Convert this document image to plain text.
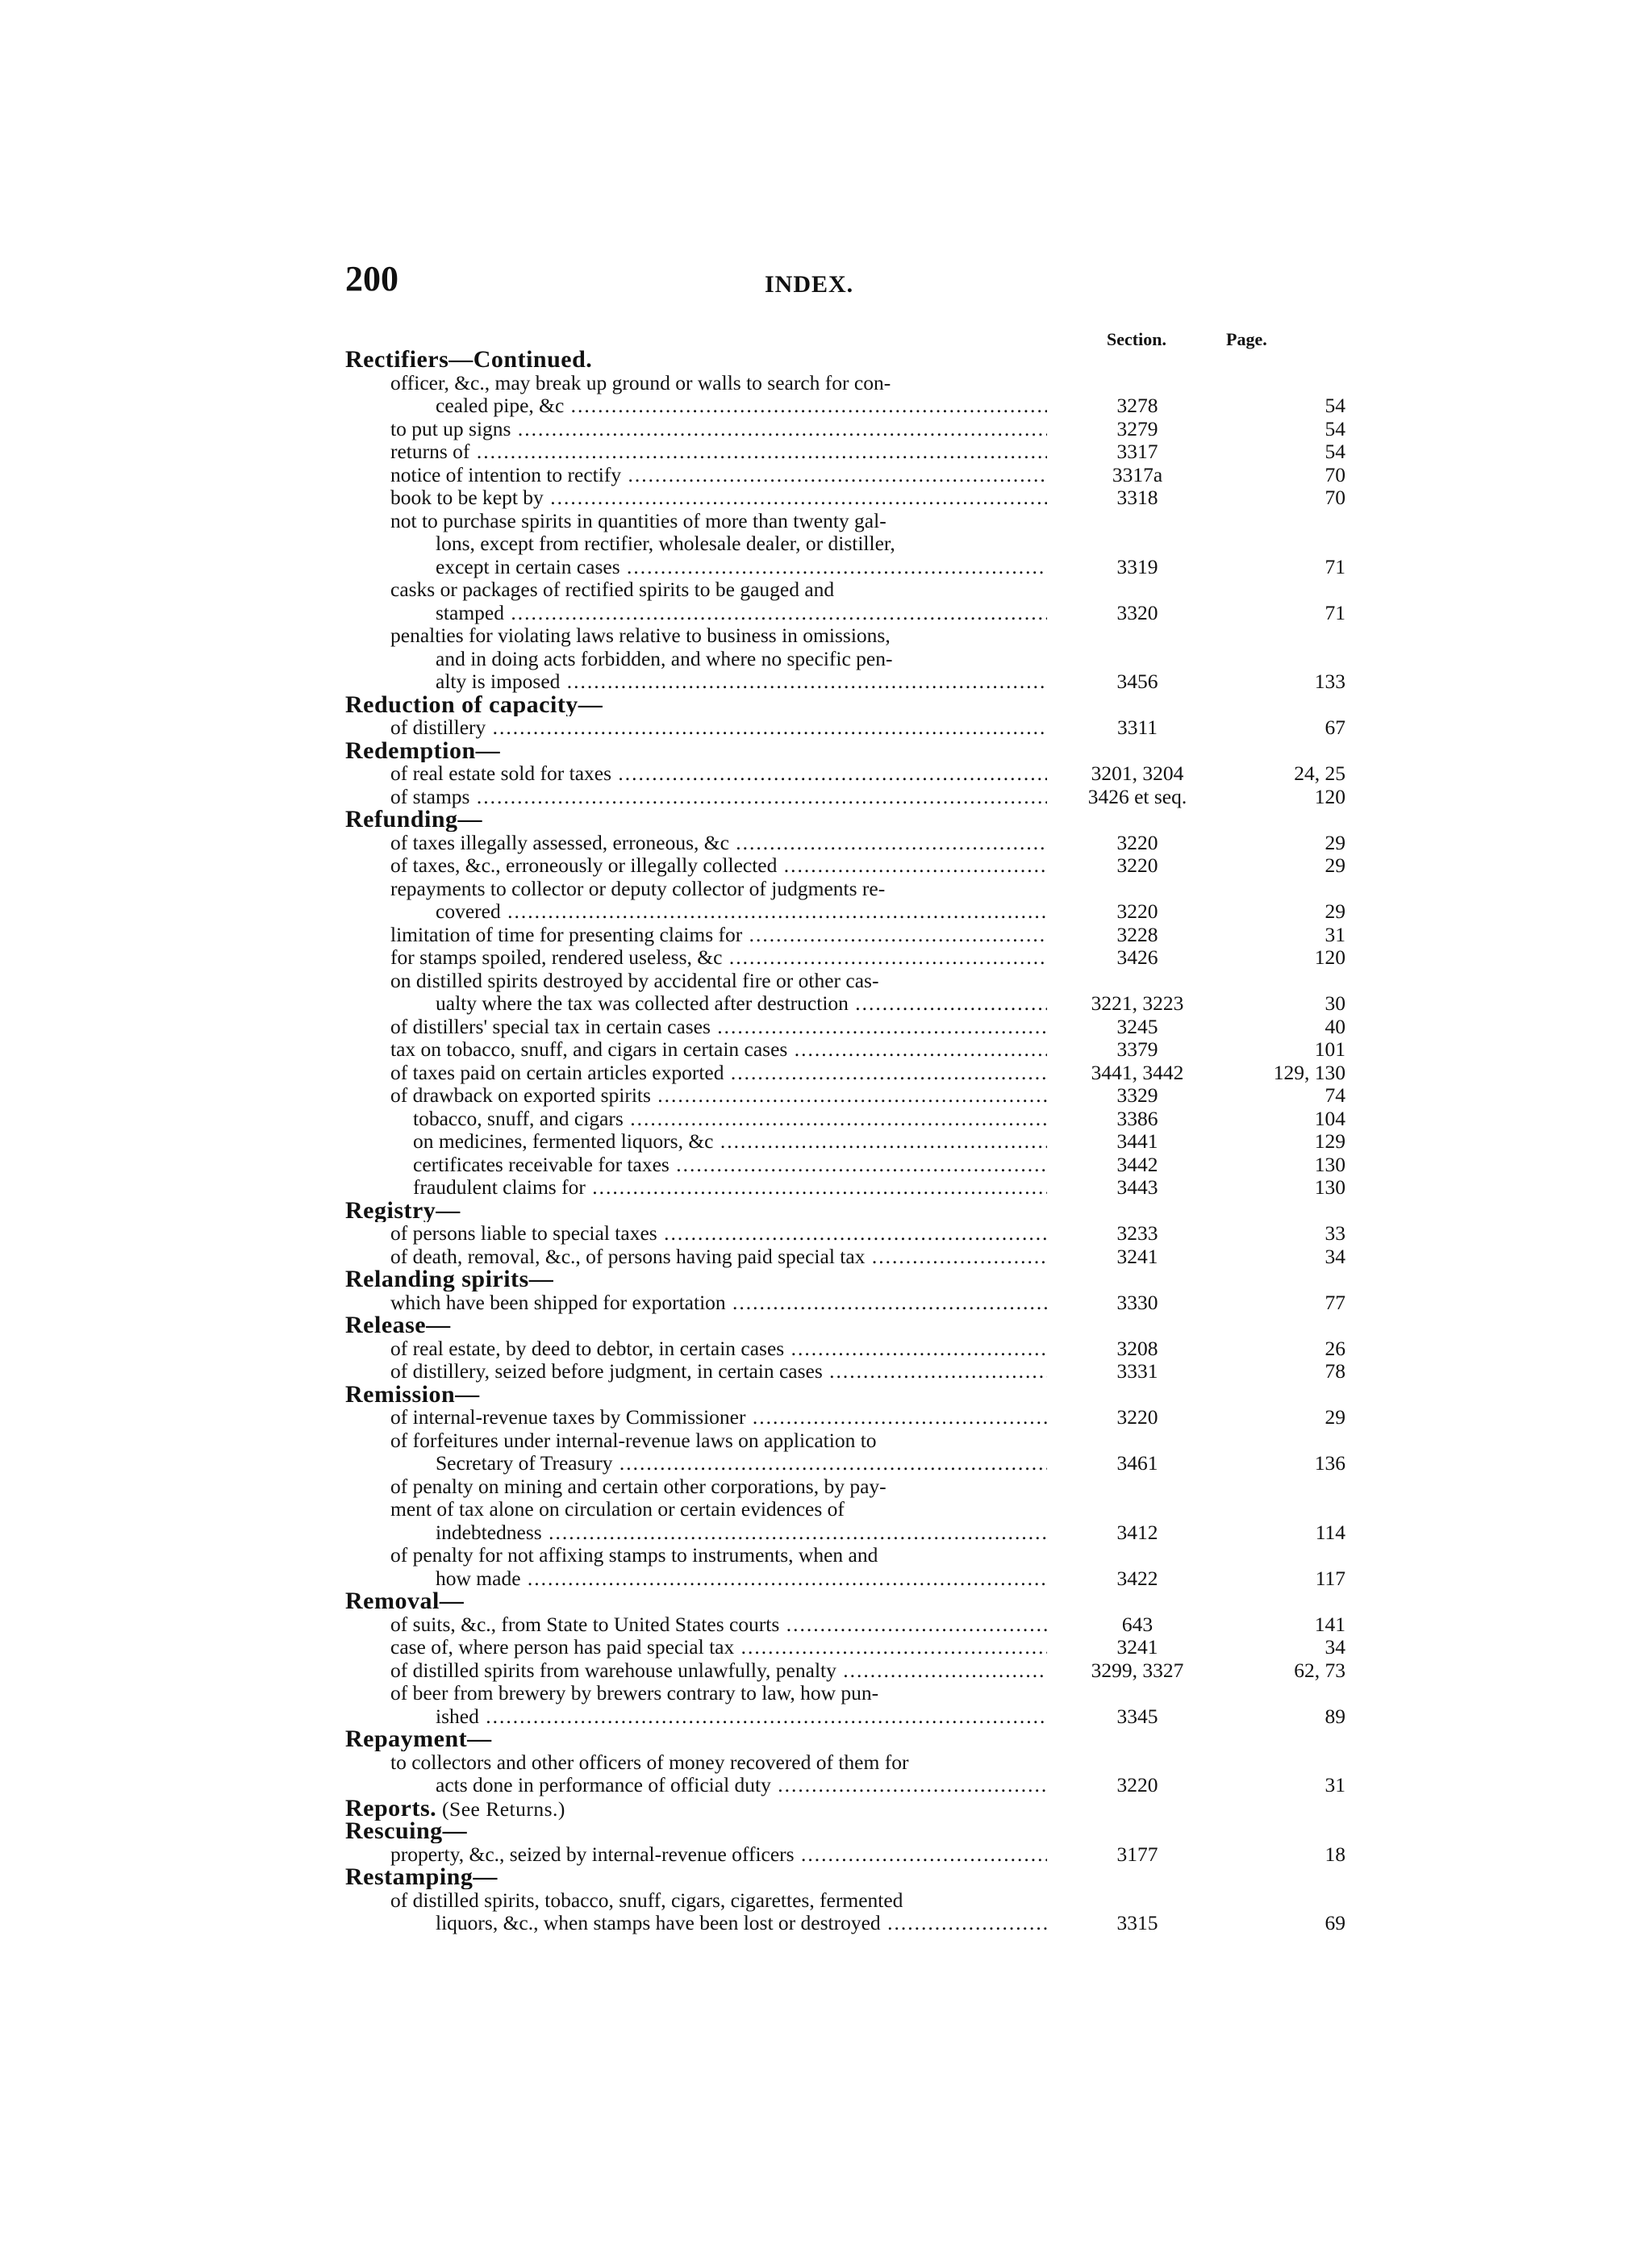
200	INDEX.
Section.	Page.
Rectifiers—Continued.
officer, &c., may break up ground or walls to search for con-
cealed pipe, &c .....	3278	54
to put up signs .....	3279	54
returns of .....	3317	54
notice of intention to rectify .....	3317a	70
book to be kept by .....	3318	70
not to purchase spirits in quantities of more than twenty gal-
lons, except from rectifier, wholesale dealer, or distiller,
except in certain cases .....	3319	71
casks or packages of rectified spirits to be gauged and
stamped .....	3320	71
penalties for violating laws relative to business in omissions,
and in doing acts forbidden, and where no specific pen-
alty is imposed .....	3456	133
Reduction of capacity—
of distillery .....	3311	67
Redemption—
of real estate sold for taxes .....	3201, 3204	24, 25
of stamps .....	3426 et seq.	120
Refunding—
of taxes illegally assessed, erroneous, &c .....	3220	29
of taxes, &c., erroneously or illegally collected .....	3220	29
repayments to collector or deputy collector of judgments re-
covered .....	3220	29
limitation of time for presenting claims for .....	3228	31
for stamps spoiled, rendered useless, &c .....	3426	120
on distilled spirits destroyed by accidental fire or other cas-
ualty where the tax was collected after destruction .....	3221, 3223	30
of distillers' special tax in certain cases .....	3245	40
tax on tobacco, snuff, and cigars in certain cases .....	3379	101
of taxes paid on certain articles exported .....	3441, 3442	129, 130
of drawback on exported spirits .....	3329	74
tobacco, snuff, and cigars .....	3386	104
on medicines, fermented liquors, &c .....	3441	129
certificates receivable for taxes .....	3442	130
fraudulent claims for .....	3443	130
Registry—
of persons liable to special taxes .....	3233	33
of death, removal, &c., of persons having paid special tax .....	3241	34
Relanding spirits—
which have been shipped for exportation .....	3330	77
Release—
of real estate, by deed to debtor, in certain cases .....	3208	26
of distillery, seized before judgment, in certain cases .....	3331	78
Remission—
of internal-revenue taxes by Commissioner .....	3220	29
of forfeitures under internal-revenue laws on application to
Secretary of Treasury .....	3461	136
of penalty on mining and certain other corporations, by pay-
ment of tax alone on circulation or certain evidences of
indebtedness .....	3412	114
of penalty for not affixing stamps to instruments, when and
how made .....	3422	117
Removal—
of suits, &c., from State to United States courts .....	643	141
case of, where person has paid special tax .....	3241	34
of distilled spirits from warehouse unlawfully, penalty .....	3299, 3327	62, 73
of beer from brewery by brewers contrary to law, how pun-
ished .....	3345	89
Repayment—
to collectors and other officers of money recovered of them for
acts done in performance of official duty .....	3220	31
Reports. (See Returns.)
Rescuing—
property, &c., seized by internal-revenue officers .....	3177	18
Restamping—
of distilled spirits, tobacco, snuff, cigars, cigarettes, fermented
liquors, &c., when stamps have been lost or destroyed .....	3315	69
